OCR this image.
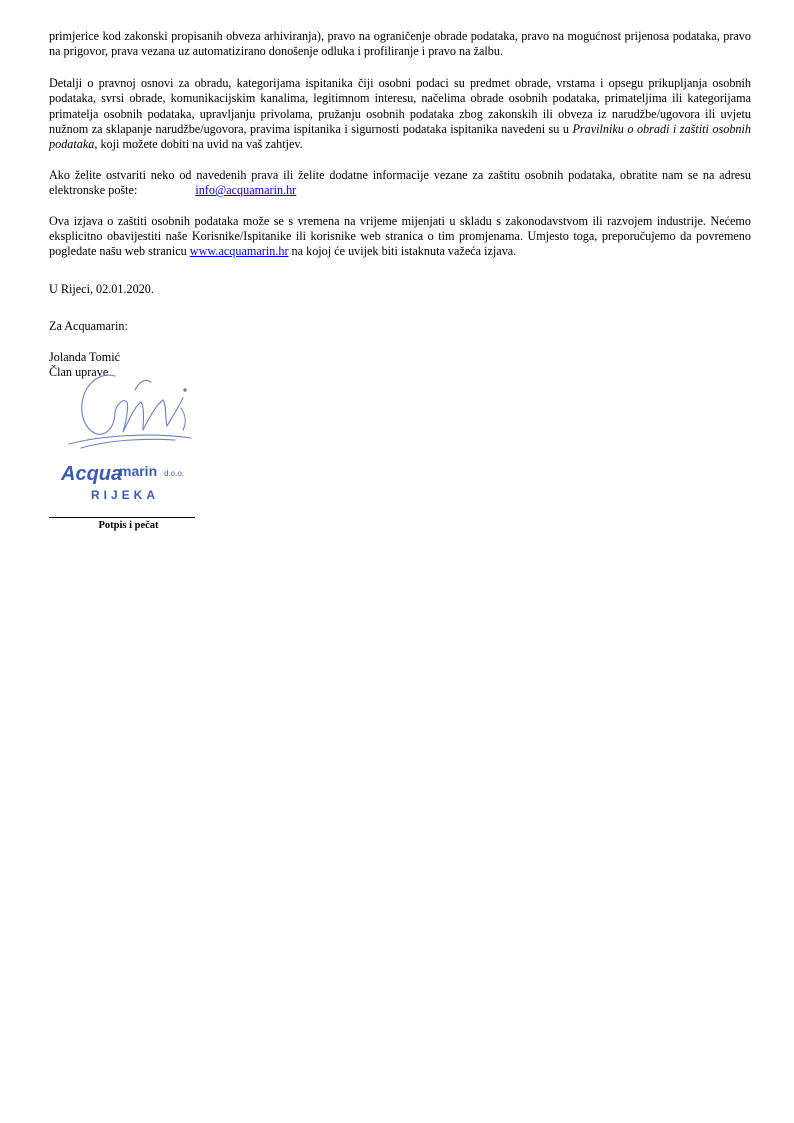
primjerice kod zakonski propisanih obveza arhiviranja), pravo na ograničenje obrade podataka, pravo na mogućnost prijenosa podataka, pravo na prigovor, prava vezana uz automatizirano donošenje odluka i profiliranje i pravo na žalbu.

Detalji o pravnoj osnovi za obradu, kategorijama ispitanika čiji osobni podaci su predmet obrade, vrstama i opsegu prikupljanja osobnih podataka, svrsi obrade, komunikacijskim kanalima, legitimnom interesu, načelima obrade osobnih podataka, primateljima ili kategorijama primatelja osobnih podataka, upravljanju privolama, pružanju osobnih podataka zbog zakonskih ili obveza iz narudžbe/ugovora ili uvjetu nužnom za sklapanje narudžbe/ugovora, pravima ispitanika i sigurnosti podataka ispitanika navedeni su u Pravilniku o obradi i zaštiti osobnih podataka, koji možete dobiti na uvid na vaš zahtjev.

Ako želite ostvariti neko od navedenih prava ili želite dodatne informacije vezane za zaštitu osobnih podataka, obratite nam se na adresu elektronske pošte:	info@acquamarin.hr

Ova izjava o zaštiti osobnih podataka može se s vremena na vrijeme mijenjati u skladu s zakonodavstvom ili razvojem industrije. Nećemo eksplicitno obavijestiti naše Korisnike/Ispitanike ili korisnike web stranica o tim promjenama. Umjesto toga, preporučujemo da povremeno pogledate našu web stranicu www.acquamarin.hr na kojoj će uvijek biti istaknuta važeća izjava.

U Rijeci, 02.01.2020.

Za Acquamarin:

Jolanda Tomić

Član uprave

Acqua
marin d.o.o.
RIJEKA
Potpis i pečat
